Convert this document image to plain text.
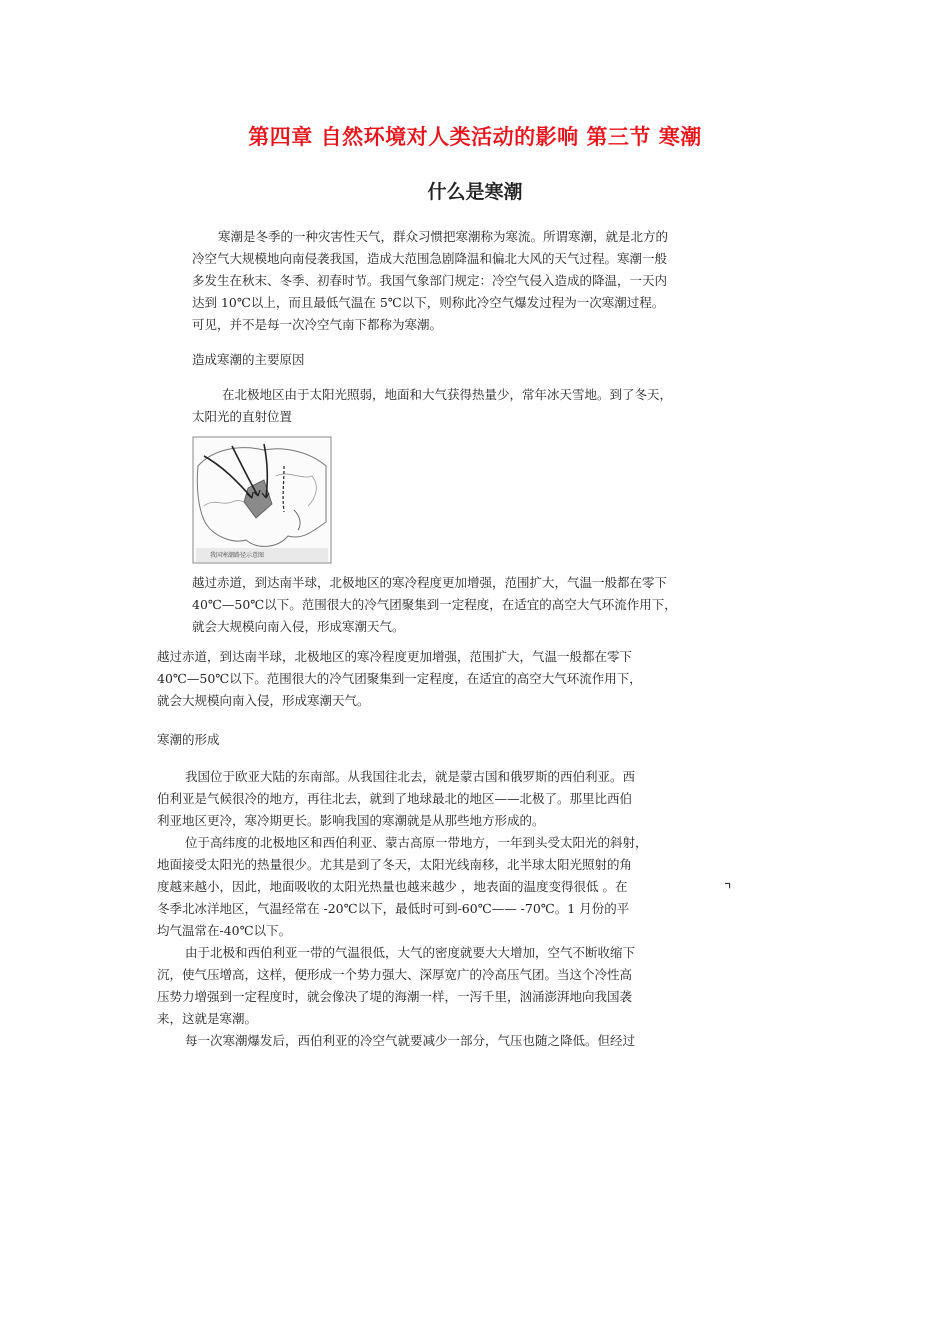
第四章 自然环境对人类活动的影响 第三节 寒潮
什么是寒潮
寒潮是冬季的一种灾害性天气，群众习惯把寒潮称为寒流。所谓寒潮，就是北方的
冷空气大规模地向南侵袭我国，造成大范围急剧降温和偏北大风的天气过程。寒潮一般
多发生在秋末、冬季、初春时节。我国气象部门规定：冷空气侵入造成的降温，一天内
达到 10℃以上，而且最低气温在 5℃以下，则称此冷空气爆发过程为一次寒潮过程。
可见，并不是每一次冷空气南下都称为寒潮。
造成寒潮的主要原因
在北极地区由于太阳光照弱，地面和大气获得热量少，常年冰天雪地。到了冬天，
太阳光的直射位置
我国寒潮路径示意图
越过赤道，到达南半球，北极地区的寒冷程度更加增强，范围扩大，气温一般都在零下
40℃—50℃以下。范围很大的冷气团聚集到一定程度，在适宜的高空大气环流作用下，
就会大规模向南入侵，形成寒潮天气。
越过赤道，到达南半球，北极地区的寒冷程度更加增强，范围扩大，气温一般都在零下
40℃—50℃以下。范围很大的冷气团聚集到一定程度，在适宜的高空大气环流作用下，
就会大规模向南入侵，形成寒潮天气。
寒潮的形成
我国位于欧亚大陆的东南部。从我国往北去，就是蒙古国和俄罗斯的西伯利亚。西
伯利亚是气候很冷的地方，再往北去，就到了地球最北的地区——北极了。那里比西伯
利亚地区更冷，寒冷期更长。影响我国的寒潮就是从那些地方形成的。
位于高纬度的北极地区和西伯利亚、蒙古高原一带地方，一年到头受太阳光的斜射，
地面接受太阳光的热量很少。尤其是到了冬天，太阳光线南移，北半球太阳光照射的角
度越来越小，因此，地面吸收的太阳光热量也越来越少 ，地表面的温度变得很低 。在
冬季北冰洋地区，气温经常在 -20℃以下，最低时可到-60℃—— -70℃。1 月份的平
均气温常在-40℃以下。
由于北极和西伯利亚一带的气温很低，大气的密度就要大大增加，空气不断收缩下
沉，使气压增高，这样，便形成一个势力强大、深厚宽广的冷高压气团。当这个冷性高
压势力增强到一定程度时，就会像决了堤的海潮一样，一泻千里，汹涌澎湃地向我国袭
来，这就是寒潮。
每一次寒潮爆发后，西伯利亚的冷空气就要减少一部分，气压也随之降低。但经过
⌝
